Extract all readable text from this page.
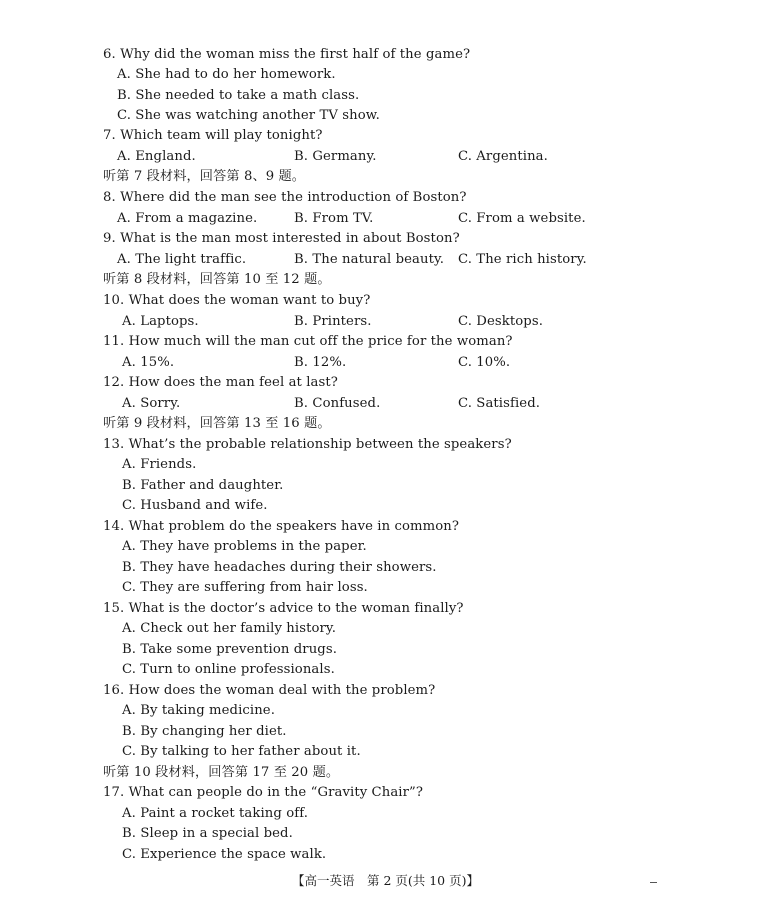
6. Why did the woman miss the first half of the game?
A. She had to do her homework.
B. She needed to take a math class.
C. She was watching another TV show.
7. Which team will play tonight?
A. England.	B. Germany.	C. Argentina.
听第 7 段材料，回答第 8、9 题。
8. Where did the man see the introduction of Boston?
A. From a magazine.	B. From TV.	C. From a website.
9. What is the man most interested in about Boston?
A. The light traffic.	B. The natural beauty. C. The rich history.
听第 8 段材料，回答第 10 至 12 题。
10. What does the woman want to buy?
A. Laptops.	B. Printers.	C. Desktops.
11. How much will the man cut off the price for the woman?
A. 15%.	B. 12%.	C. 10%.
12. How does the man feel at last?
A. Sorry.	B. Confused.	C. Satisfied.
听第 9 段材料，回答第 13 至 16 题。
13. What’s the probable relationship between the speakers?
A. Friends.
B. Father and daughter.
C. Husband and wife.
14. What problem do the speakers have in common?
A. They have problems in the paper.
B. They have headaches during their showers.
C. They are suffering from hair loss.
15. What is the doctor’s advice to the woman finally?
A. Check out her family history.
B. Take some prevention drugs.
C. Turn to online professionals.
16. How does the woman deal with the problem?
A. By taking medicine.
B. By changing her diet.
C. By talking to her father about it.
听第 10 段材料，回答第 17 至 20 题。
17. What can people do in the “Gravity Chair”?
A. Paint a rocket taking off.
B. Sleep in a special bed.
C. Experience the space walk.
【高一英语　第 2 页(共 10 页)】
